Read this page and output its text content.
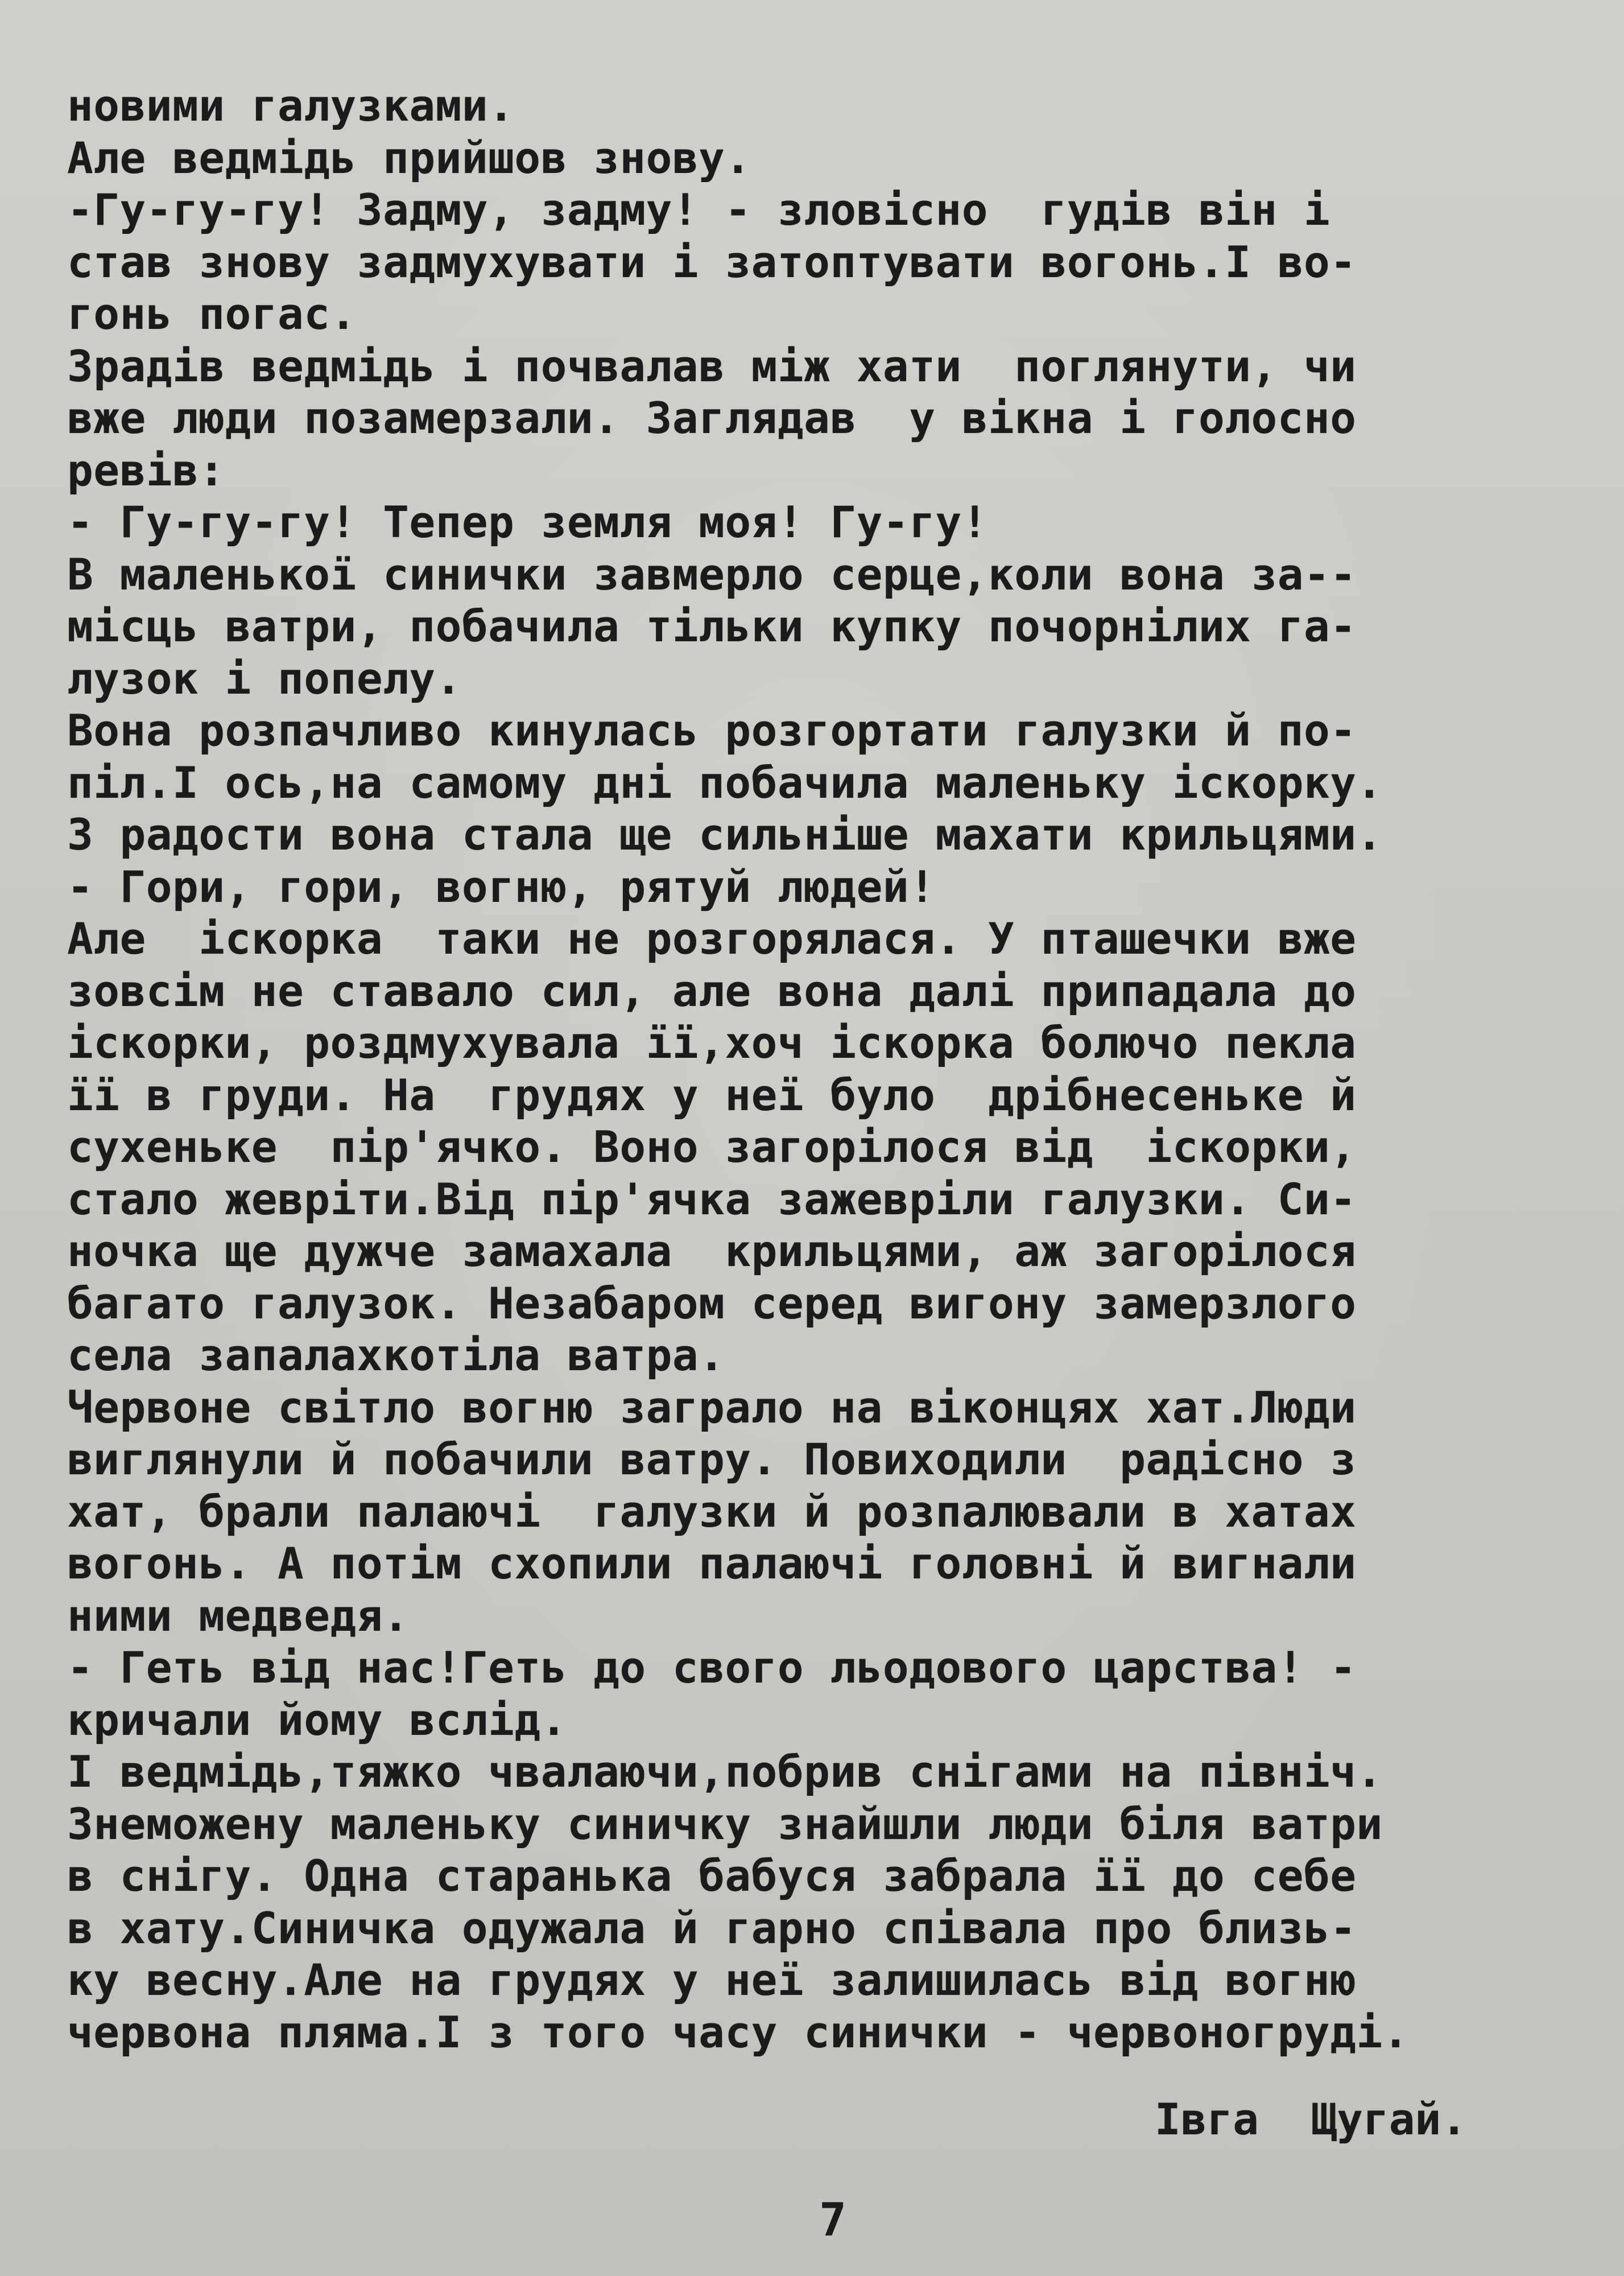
новими галузками.
Але ведмідь прийшов знову.
-Гу-гу-гу! Задму, задму! - зловісно  гудів він і
став знову задмухувати і затоптувати вогонь.І во-
гонь погас.
Зрадів ведмідь і почвалав між хати  поглянути, чи
вже люди позамерзали. Заглядав  у вікна і голосно
ревів:
- Гу-гу-гу! Тепер земля моя! Гу-гу!
В маленької синички завмерло серце,коли вона за--
місць ватри, побачила тільки купку почорнілих га-
лузок і попелу.
Вона розпачливо кинулась розгортати галузки й по-
піл.І ось,на самому дні побачила маленьку іскорку.
З радости вона стала ще сильніше махати крильцями.
- Гори, гори, вогню, рятуй людей!
Але  іскорка  таки не розгорялася. У пташечки вже
зовсім не ставало сил, але вона далі припадала до
іскорки, роздмухувала її,хоч іскорка болючо пекла
її в груди. На  грудях у неї було  дрібнесеньке й
сухеньке  пір'ячко. Воно загорілося від  іскорки,
стало жевріти.Від пір'ячка зажевріли галузки. Си-
ночка ще дужче замахала  крильцями, аж загорілося
багато галузок. Незабаром серед вигону замерзлого
села запалахкотіла ватра.
Червоне світло вогню заграло на віконцях хат.Люди
виглянули й побачили ватру. Повиходили  радісно з
хат, брали палаючі  галузки й розпалювали в хатах
вогонь. А потім схопили палаючі головні й вигнали
ними медведя.
- Геть від нас!Геть до свого льодового царства! -
кричали йому вслід.
І ведмідь,тяжко чвалаючи,побрив снігами на північ.
Знеможену маленьку синичку знайшли люди біля ватри
в снігу. Одна старанька бабуся забрала її до себе
в хату.Синичка одужала й гарно співала про близь-
ку весну.Але на грудях у неї залишилась від вогню
червона пляма.І з того часу синички - червоногруді.
Івга  Щугай.
7
